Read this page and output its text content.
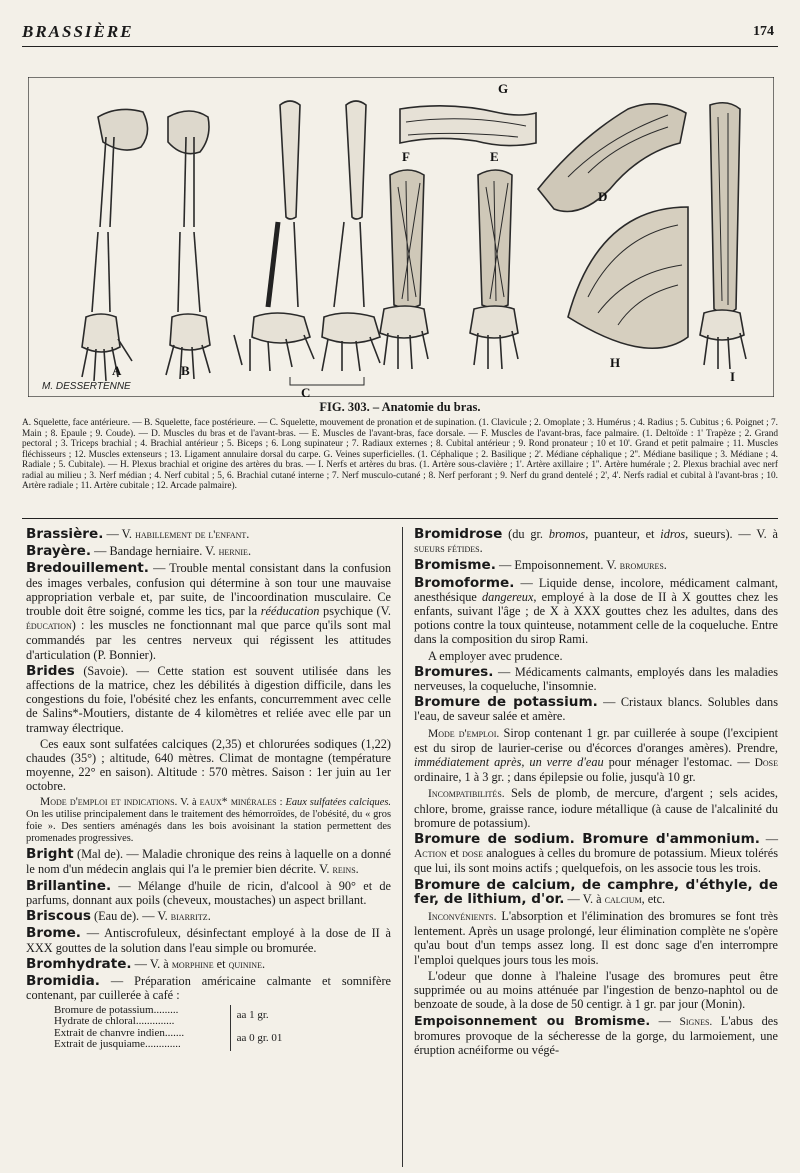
BRASSIÈRE	174
A	B
C
D
E
F
G
H
I
M. DESSERTENNE
FIG. 303. – Anatomie du bras.
A. Squelette, face antérieure. — B. Squelette, face postérieure. — C. Squelette, mouvement de pronation et de supination. (1. Clavicule ; 2. Omoplate ; 3. Humérus ; 4. Radius ; 5. Cubitus ; 6. Poignet ; 7. Main ; 8. Epaule ; 9. Coude). — D. Muscles du bras et de l'avant-bras. — E. Muscles de l'avant-bras, face dorsale. — F. Muscles de l'avant-bras, face palmaire. (1. Deltoïde : 1' Trapèze ; 2. Grand pectoral ; 3. Triceps brachial ; 4. Brachial antérieur ; 5. Biceps ; 6. Long supinateur ; 7. Radiaux externes ; 8. Cubital antérieur ; 9. Rond pronateur ; 10 et 10'. Grand et petit palmaire ; 11. Muscles fléchisseurs ; 12. Muscles extenseurs ; 13. Ligament annulaire dorsal du carpe. G. Veines superficielles. (1. Céphalique ; 2. Basilique ; 2'. Médiane céphalique ; 2''. Médiane basilique ; 3. Médiane ; 4. Radiale ; 5. Cubitale). — H. Plexus brachial et origine des artères du bras. — I. Nerfs et artères du bras. (1. Artère sous-clavière ; 1'. Artère axillaire ; 1''. Artère humérale ; 2. Plexus brachial avec nerf radial au milieu ; 3. Nerf médian ; 4. Nerf cubital ; 5, 6. Brachial cutané interne ; 7. Nerf musculo-cutané ; 8. Nerf perforant ; 9. Nerf du grand dentelé ; 2', 4'. Nerfs radial et cubital à l'avant-bras ; 10. Artère radiale ; 11. Artère cubitale ; 12. Arcade palmaire).

Brassière. — V. habillement de l'enfant.

Brayère. — Bandage herniaire. V. hernie.

Bredouillement. — Trouble mental consistant dans la confusion des images verbales, confusion qui détermine à son tour une mauvaise appropriation verbale et, par suite, de l'incoordination musculaire. Ce trouble doit être soigné, comme les tics, par la rééducation psychique (V. éducation) : les muscles ne fonctionnant mal que parce qu'ils sont mal commandés par les centres nerveux qui régissent les attitudes d'articulation (P. Bonnier).

Brides (Savoie). — Cette station est souvent utilisée dans les affections de la matrice, chez les débilités à digestion difficile, dans les congestions du foie, l'obésité chez les enfants, concurremment avec celle de Salins*-Moutiers, distante de 4 kilomètres et reliée avec elle par un tramway électrique.

Ces eaux sont sulfatées calciques (2,35) et chlorurées sodiques (1,22) chaudes (35°) ; altitude, 640 mètres. Climat de montagne (température moyenne, 22° en saison). Altitude : 570 mètres. Saison : 1er juin au 1er octobre.

Mode d'emploi et indications. V. à eaux* minérales : Eaux sulfatées calciques. On les utilise principalement dans le traitement des hémorroïdes, de l'obésité, du « gros foie ». Des sentiers aménagés dans les bois avoisinant la station permettent des promenades progressives.

Bright (Mal de). — Maladie chronique des reins à laquelle on a donné le nom d'un médecin anglais qui l'a le premier bien décrite. V. reins.

Brillantine. — Mélange d'huile de ricin, d'alcool à 90° et de parfums, donnant aux poils (cheveux, moustaches) un aspect brillant.

Briscous (Eau de). — V. biarritz.

Brome. — Antiscrofuleux, désinfectant employé à la dose de II à XXX gouttes de la solution dans l'eau simple ou bromurée.

Bromhydrate. — V. à morphine et quinine.

Bromidia. — Préparation américaine calmante et somnifère contenant, par cuillerée à café :

Bromure de potassium.........	aa 1 gr.
Hydrate de chloral..............	
Extrait de chanvre indien.......	aa 0 gr. 01
Extrait de jusquiame.............	

Bromidrose (du gr. bromos, puanteur, et idros, sueurs). — V. à sueurs fétides.

Bromisme. — Empoisonnement. V. bromures.

Bromoforme. — Liquide dense, incolore, médicament calmant, anesthésique dangereux, employé à la dose de II à X gouttes chez les enfants, suivant l'âge ; de X à XXX gouttes chez les adultes, dans des potions contre la toux quinteuse, notamment celle de la coqueluche. Entre dans la composition du sirop Rami.

A employer avec prudence.

Bromures. — Médicaments calmants, employés dans les maladies nerveuses, la coqueluche, l'insomnie.

Bromure de potassium. — Cristaux blancs. Solubles dans l'eau, de saveur salée et amère.

Mode d'emploi. Sirop contenant 1 gr. par cuillerée à soupe (l'excipient est du sirop de laurier-cerise ou d'écorces d'oranges amères). Prendre, immédiatement après, un verre d'eau pour ménager l'estomac. — Dose ordinaire, 1 à 3 gr. ; dans épilepsie ou folie, jusqu'à 10 gr.

Incompatibilités. Sels de plomb, de mercure, d'argent ; sels acides, chlore, brome, graisse rance, iodure métallique (à cause de l'alcalinité du bromure de potassium).

Bromure de sodium. Bromure d'ammonium. — Action et dose analogues à celles du bromure de potassium. Mieux tolérés que lui, ils sont moins actifs ; quelquefois, on les associe tous les trois.

Bromure de calcium, de camphre, d'éthyle, de fer, de lithium, d'or. — V. à calcium, etc.

Inconvénients. L'absorption et l'élimination des bromures se font très lentement. Après un usage prolongé, leur élimination complète ne s'opère qu'au bout d'un temps assez long. Il est donc sage d'en interrompre l'emploi quelques jours tous les mois.

L'odeur que donne à l'haleine l'usage des bromures peut être supprimée ou au moins atténuée par l'ingestion de benzo-naphtol ou de benzoate de soude, à la dose de 50 centigr. à 1 gr. par jour (Monin).

Empoisonnement ou Bromisme. — Signes. L'abus des bromures provoque de la sécheresse de la gorge, du larmoiement, une éruption acnéiforme ou végé-
